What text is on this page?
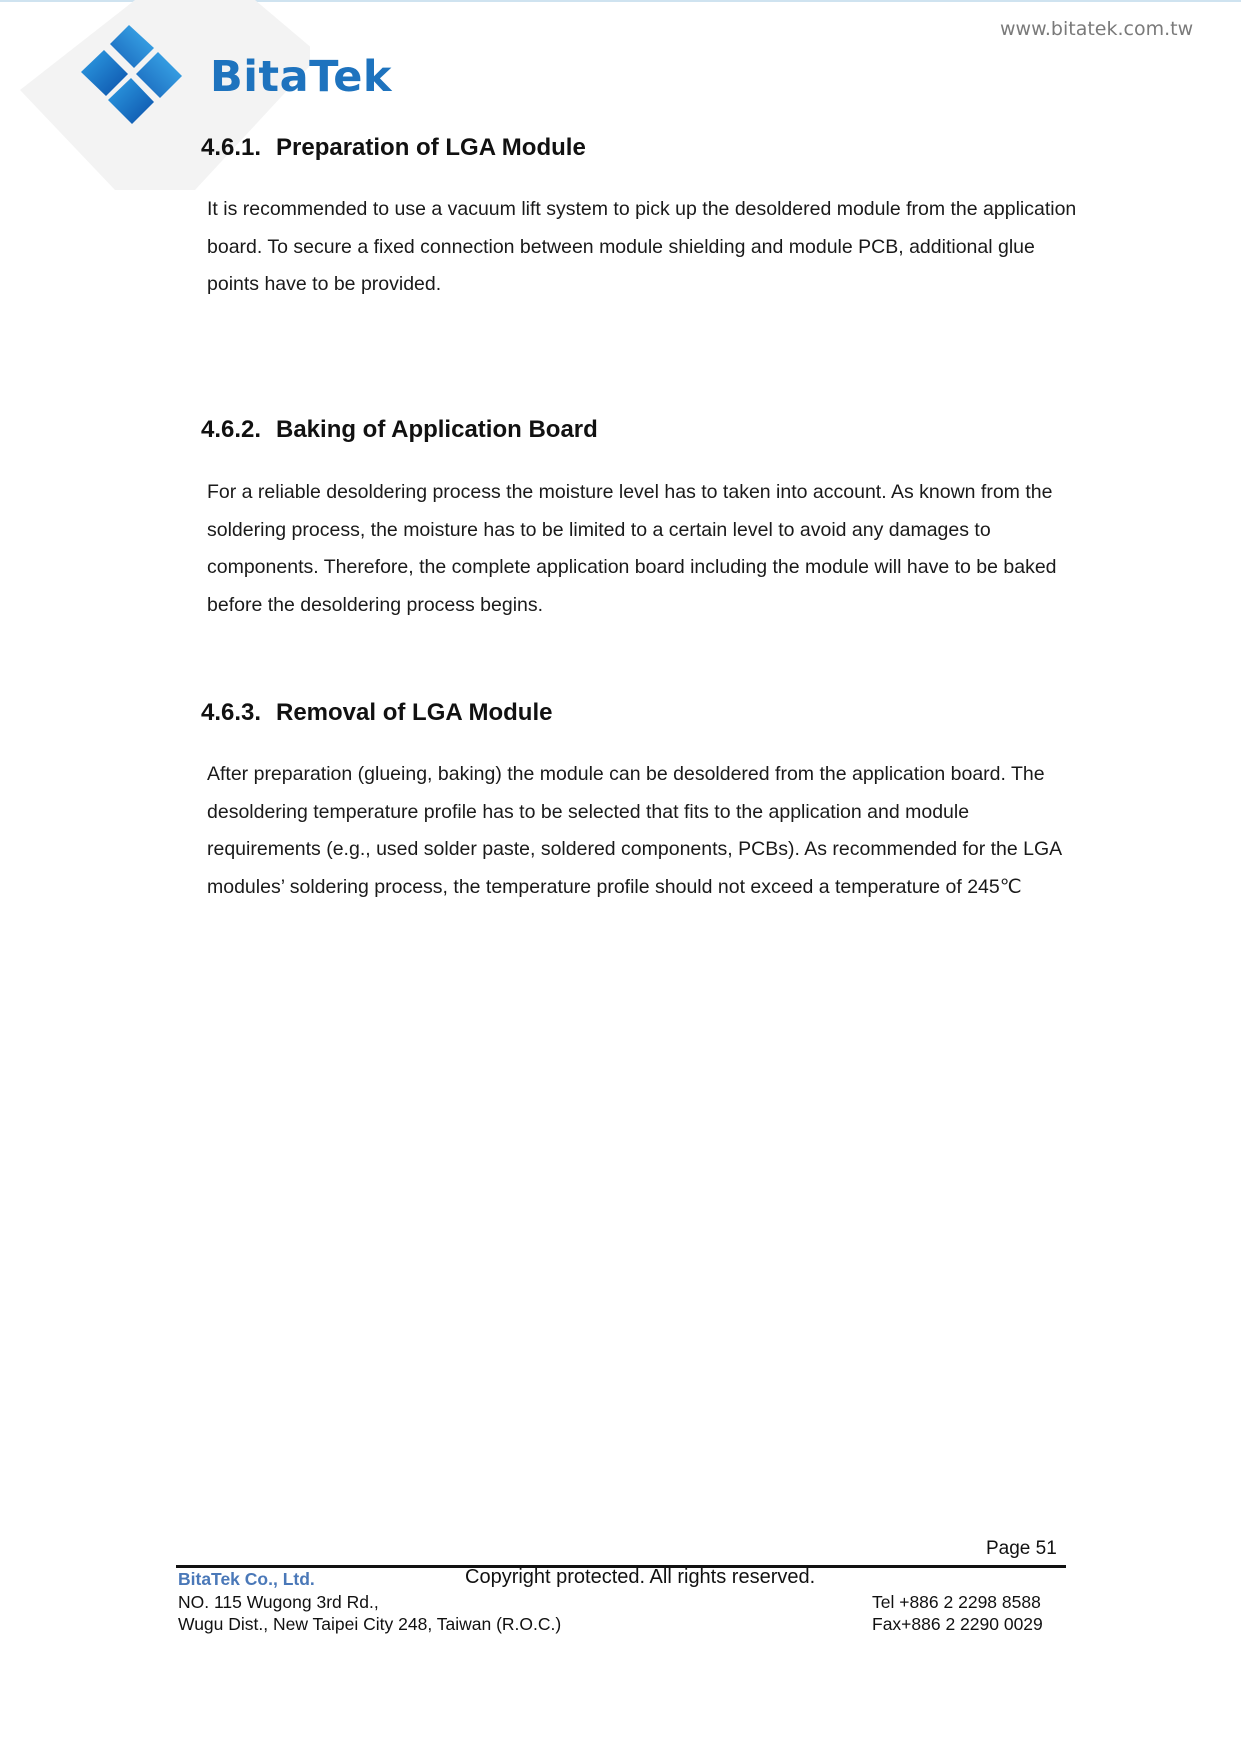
BitaTek
www.bitatek.com.tw
4.6.1. Preparation of LGA Module
It is recommended to use a vacuum lift system to pick up the desoldered module from the application board. To secure a fixed connection between module shielding and module PCB, additional glue points have to be provided.
4.6.2. Baking of Application Board
For a reliable desoldering process the moisture level has to taken into account. As known from the soldering process, the moisture has to be limited to a certain level to avoid any damages to components. Therefore, the complete application board including the module will have to be baked before the desoldering process begins.
4.6.3. Removal of LGA Module
After preparation (glueing, baking) the module can be desoldered from the application board. The desoldering temperature profile has to be selected that fits to the application and module requirements (e.g., used solder paste, soldered components, PCBs). As recommended for the LGA modules’ soldering process, the temperature profile should not exceed a temperature of 245℃
Page 51
BitaTek Co., Ltd.	Copyright protected. All rights reserved.
NO. 115 Wugong 3rd Rd.,
Wugu Dist., New Taipei City 248, Taiwan (R.O.C.)
Tel +886 2 2298 8588
Fax+886 2 2290 0029
